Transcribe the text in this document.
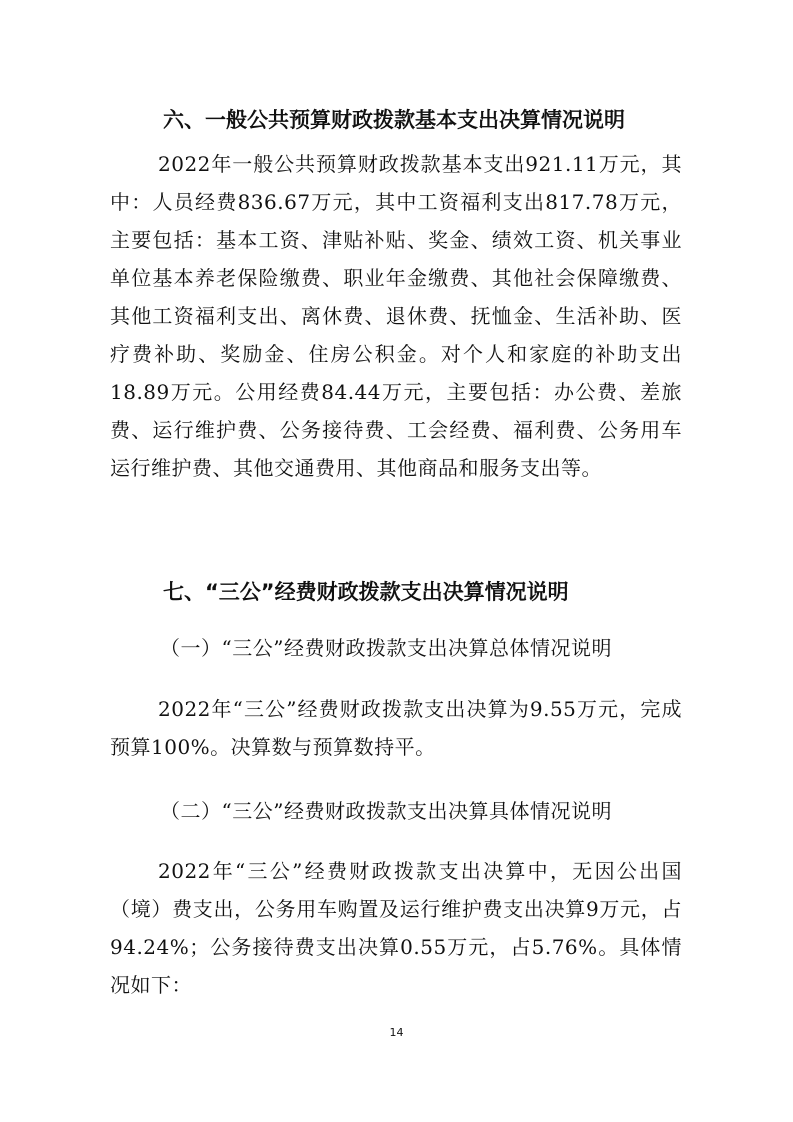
六、一般公共预算财政拨款基本支出决算情况说明

2022年一般公共预算财政拨款基本支出921.11万元，其中：人员经费836.67万元，其中工资福利支出817.78万元，主要包括：基本工资、津贴补贴、奖金、绩效工资、机关事业单位基本养老保险缴费、职业年金缴费、其他社会保障缴费、其他工资福利支出、离休费、退休费、抚恤金、生活补助、医疗费补助、奖励金、住房公积金。对个人和家庭的补助支出18.89万元。公用经费84.44万元，主要包括：办公费、差旅费、运行维护费、公务接待费、工会经费、福利费、公务用车运行维护费、其他交通费用、其他商品和服务支出等。

七、“三公”经费财政拨款支出决算情况说明

（一）“三公”经费财政拨款支出决算总体情况说明

2022年“三公”经费财政拨款支出决算为9.55万元，完成预算100%。决算数与预算数持平。

（二）“三公”经费财政拨款支出决算具体情况说明

2022年“三公”经费财政拨款支出决算中，无因公出国（境）费支出，公务用车购置及运行维护费支出决算9万元，占94.24%；公务接待费支出决算0.55万元，占5.76%。具体情况如下：

14
